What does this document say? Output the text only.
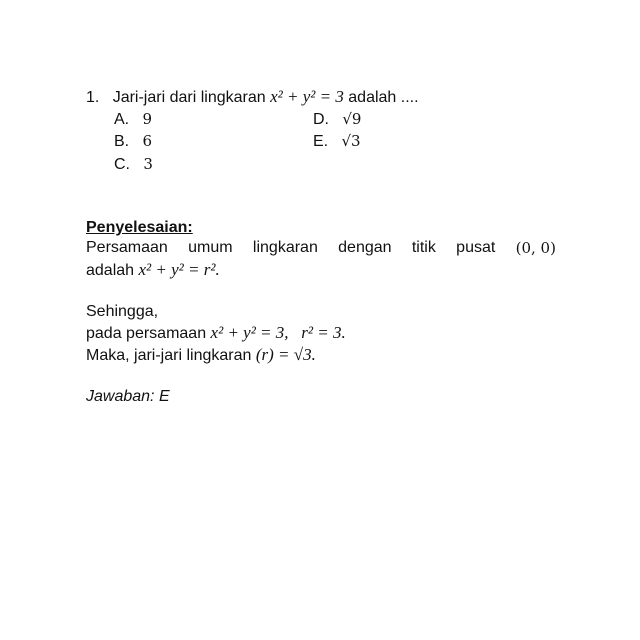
1. Jari-jari dari lingkaran x² + y² = 3 adalah ....
A. 9
B. 6
C. 3
D. √9
E. √3
Penyelesaian:
Persamaan umum lingkaran dengan titik pusat (0, 0)
adalah x² + y² = r².
Sehingga,
pada persamaan x² + y² = 3,   r² = 3.
Maka, jari-jari lingkaran (r) = √3.
Jawaban: E
